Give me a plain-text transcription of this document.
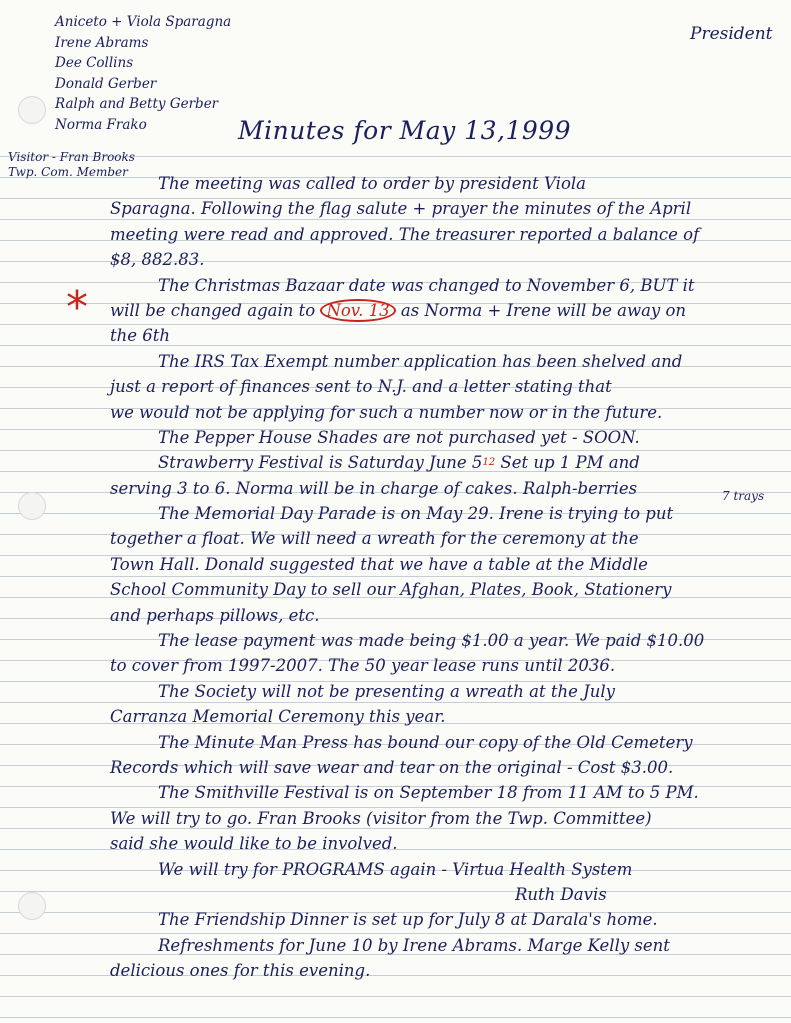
Aniceto + Viola Sparagna
Irene Abrams
Dee Collins
Donald Gerber
Ralph and Betty Gerber
Norma Frako
President
Minutes for May 13,1999
Visitor - Fran Brooks
Twp. Com. Member
*
The meeting was called to order by president Viola
Sparagna. Following the flag salute + prayer the minutes of the April
meeting were read and approved. The treasurer reported a balance of
$8, 882.83.
The Christmas Bazaar date was changed to November 6, BUT it
will be changed again to Nov. 13 as Norma + Irene will be away on
the 6th
The IRS Tax Exempt number application has been shelved and
just a report of finances sent to N.J. and a letter stating that
we would not be applying for such a number now or in the future.
The Pepper House Shades are not purchased yet - SOON.
Strawberry Festival is Saturday June $5^{12}$ Set up 1 PM and
serving 3 to 6. Norma will be in charge of cakes. Ralph-berries
The Memorial Day Parade is on May 29. Irene is trying to put
together a float. We will need a wreath for the ceremony at the
Town Hall. Donald suggested that we have a table at the Middle
School Community Day to sell our Afghan, Plates, Book, Stationery
and perhaps pillows, etc.
The lease payment was made being $1.00 a year. We paid $10.00
to cover from 1997-2007. The 50 year lease runs until 2036.
The Society will not be presenting a wreath at the July
Carranza Memorial Ceremony this year.
The Minute Man Press has bound our copy of the Old Cemetery
Records which will save wear and tear on the original - Cost $3.00.
The Smithville Festival is on September 18 from 11 AM to 5 PM.
We will try to go. Fran Brooks (visitor from the Twp. Committee)
said she would like to be involved.
We will try for PROGRAMS again - Virtua Health System
Ruth Davis
The Friendship Dinner is set up for July 8 at Darala's home.
Refreshments for June 10 by Irene Abrams. Marge Kelly sent
delicious ones for this evening.
7 trays
